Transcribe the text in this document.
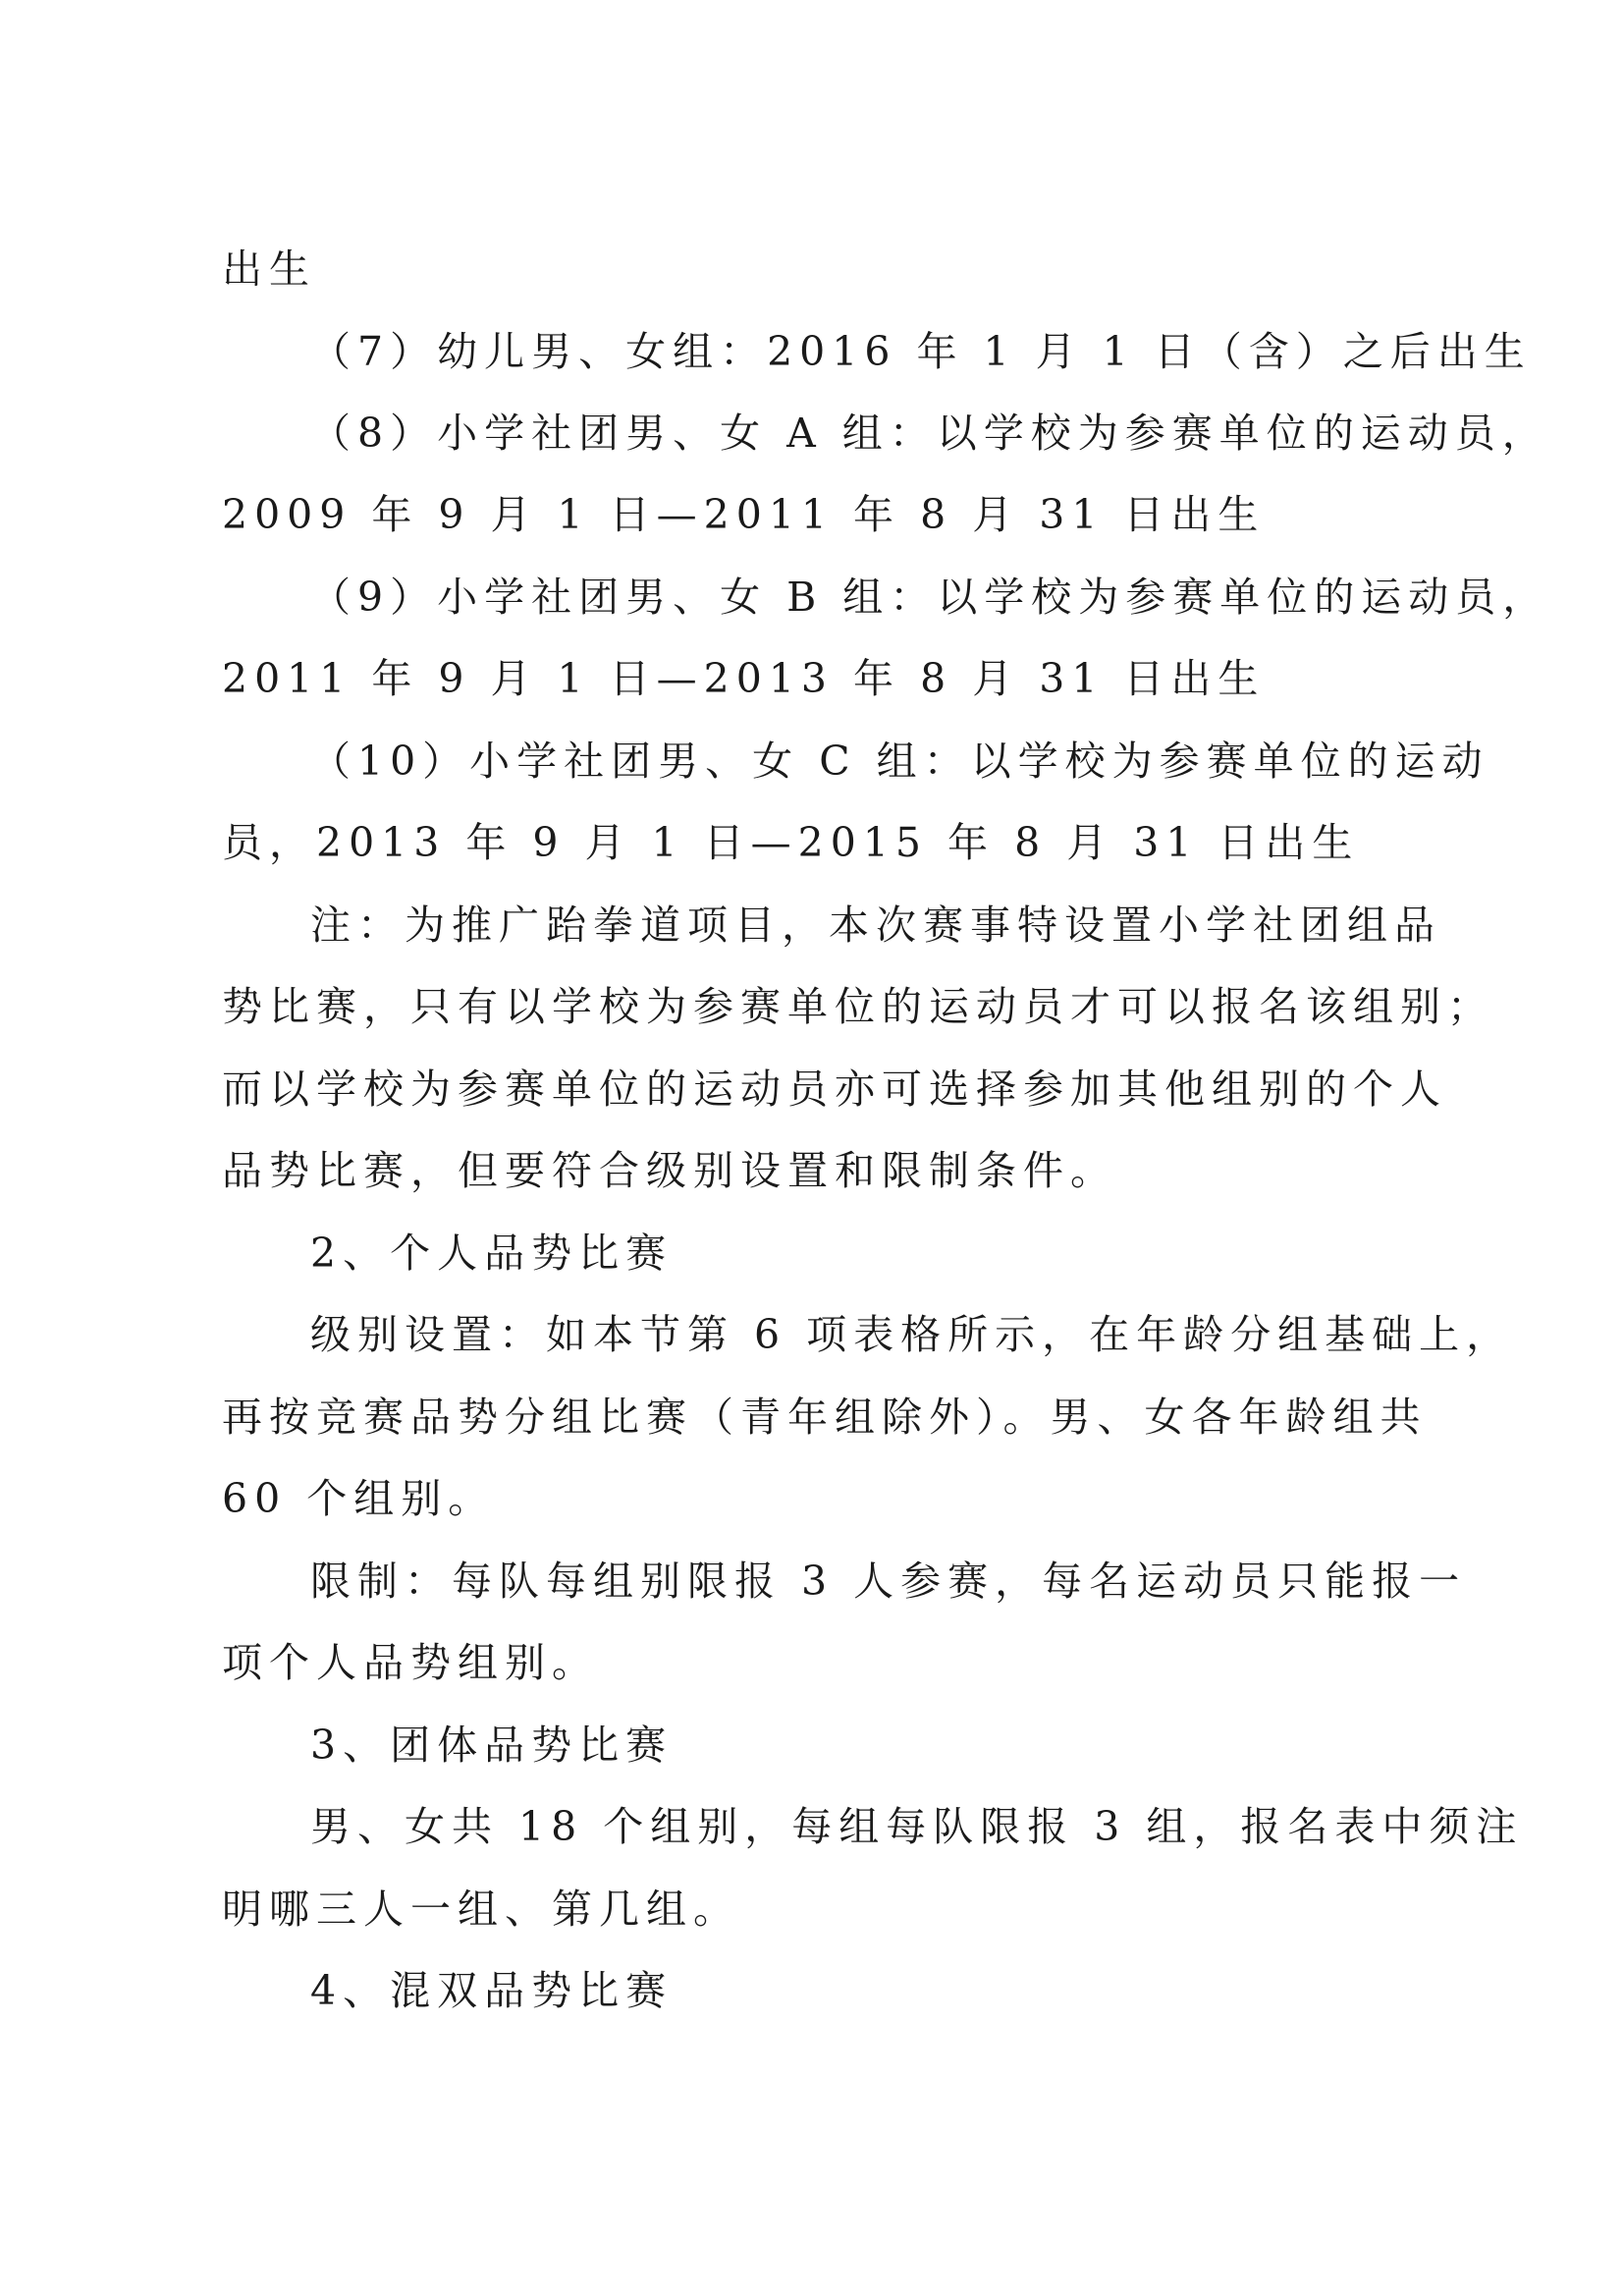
出生
（7）幼儿男、女组：2016 年 1 月 1 日（含）之后出生
（8）小学社团男、女 A 组：以学校为参赛单位的运动员，
2009 年 9 月 1 日—2011 年 8 月 31 日出生
（9）小学社团男、女 B 组：以学校为参赛单位的运动员，
2011 年 9 月 1 日—2013 年 8 月 31 日出生
（10）小学社团男、女 C 组：以学校为参赛单位的运动
员，2013 年 9 月 1 日—2015 年 8 月 31 日出生
注：为推广跆拳道项目，本次赛事特设置小学社团组品
势比赛，只有以学校为参赛单位的运动员才可以报名该组别；
而以学校为参赛单位的运动员亦可选择参加其他组别的个人
品势比赛，但要符合级别设置和限制条件。
2、个人品势比赛
级别设置：如本节第 6 项表格所示，在年龄分组基础上，
再按竞赛品势分组比赛（青年组除外）。男、女各年龄组共
60 个组别。
限制：每队每组别限报 3 人参赛，每名运动员只能报一
项个人品势组别。
3、团体品势比赛
男、女共 18 个组别，每组每队限报 3 组，报名表中须注
明哪三人一组、第几组。
4、混双品势比赛
